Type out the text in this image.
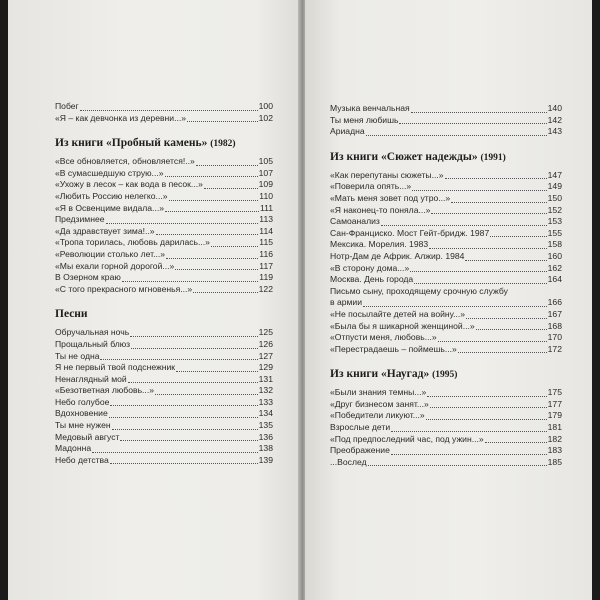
Побег	100
«Я – как девчонка из деревни...»	102
Из книги «Пробный камень» (1982)
«Все обновляется, обновляется!..»	105
«В сумасшедшую струю...»	107
«Ухожу в лесок – как вода в песок...»	109
«Любить Россию нелегко...»	110
«Я в Освенциме видала...»	111
Предзимнее	113
«Да здравствует зима!..»	114
«Тропа торилась, любовь дарилась...»	115
«Революции столько лет...»	116
«Мы ехали горной дорогой...»	117
В Озерном краю	119
«С того прекрасного мгновенья...»	122
Песни
Обручальная ночь	125
Прощальный блюз	126
Ты не одна	127
Я не первый твой подснежник	129
Ненаглядный мой	131
«Безответная любовь...»	132
Небо голубое	133
Вдохновение	134
Ты мне нужен	135
Медовый август	136
Мадонна	138
Небо детства	139
Музыка венчальная	140
Ты меня любишь	142
Ариадна	143
Из книги «Сюжет надежды» (1991)
«Как перепутаны сюжеты...»	147
«Поверила опять...»	149
«Мать меня зовет под утро...»	150
«Я наконец-то поняла...»	152
Самоанализ	153
Сан-Франциско. Мост Гейт-бридж. 1987	155
Мексика. Морелия. 1983	158
Нотр-Дам де Африк. Алжир. 1984	160
«В сторону дома...»	162
Москва. День города	164
Письмо сыну, проходящему срочную службу
в армии	166
«Не посылайте детей на войну...»	167
«Была бы я шикарной женщиной...»	168
«Отпусти меня, любовь...»	170
«Перестрадаешь – поймешь...»	172
Из книги «Наугад» (1995)
«Были знания темны...»	175
«Друг бизнесом занят...»	177
«Победители ликуют...»	179
Взрослые дети	181
«Под предпоследний час, под ужин...»	182
Преображение	183
...Вослед	185
